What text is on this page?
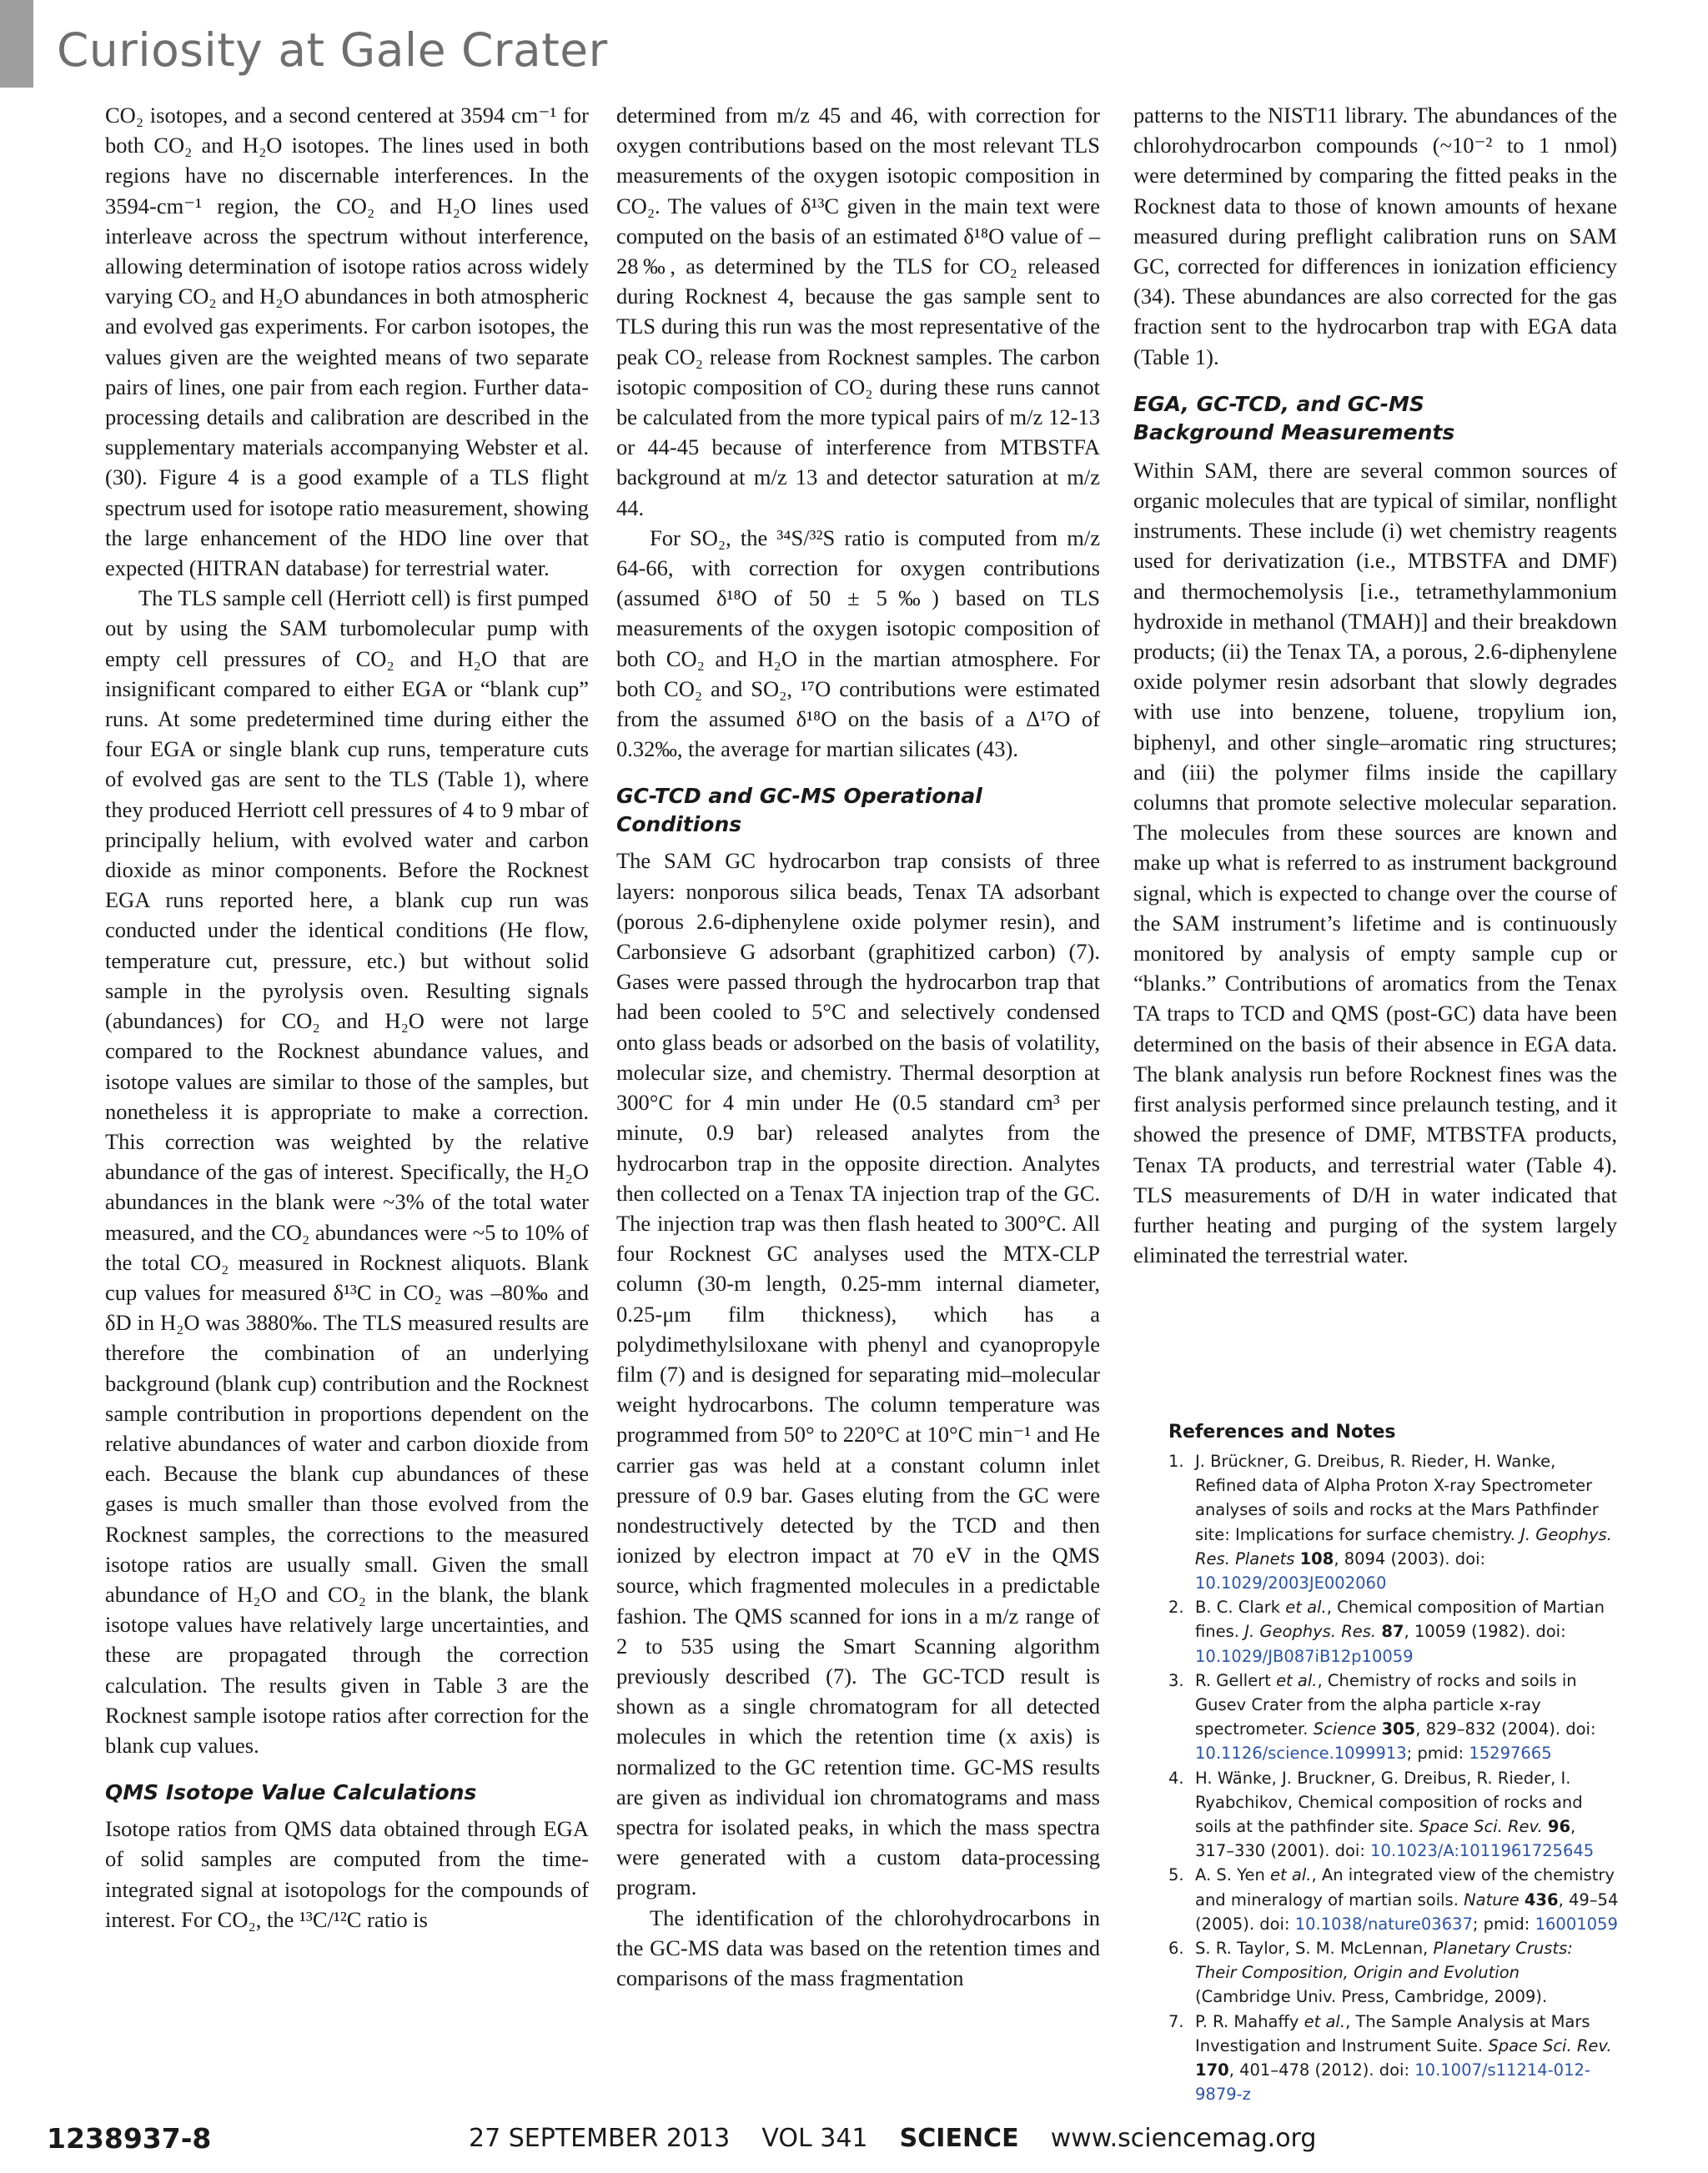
Curiosity at Gale Crater

CO₂ isotopes, and a second centered at 3594 cm⁻¹ for both CO₂ and H₂O isotopes. The lines used in both regions have no discernable interferences. In the 3594-cm⁻¹ region, the CO₂ and H₂O lines used interleave across the spectrum without interference, allowing determination of isotope ratios across widely varying CO₂ and H₂O abundances in both atmospheric and evolved gas experiments. For carbon isotopes, the values given are the weighted means of two separate pairs of lines, one pair from each region. Further data-processing details and calibration are described in the supplementary materials accompanying Webster et al. (30). Figure 4 is a good example of a TLS flight spectrum used for isotope ratio measurement, showing the large enhancement of the HDO line over that expected (HITRAN database) for terrestrial water.

The TLS sample cell (Herriott cell) is first pumped out by using the SAM turbomolecular pump with empty cell pressures of CO₂ and H₂O that are insignificant compared to either EGA or “blank cup” runs. At some predetermined time during either the four EGA or single blank cup runs, temperature cuts of evolved gas are sent to the TLS (Table 1), where they produced Herriott cell pressures of 4 to 9 mbar of principally helium, with evolved water and carbon dioxide as minor components. Before the Rocknest EGA runs reported here, a blank cup run was conducted under the identical conditions (He flow, temperature cut, pressure, etc.) but without solid sample in the pyrolysis oven. Resulting signals (abundances) for CO₂ and H₂O were not large compared to the Rocknest abundance values, and isotope values are similar to those of the samples, but nonetheless it is appropriate to make a correction. This correction was weighted by the relative abundance of the gas of interest. Specifically, the H₂O abundances in the blank were ~3% of the total water measured, and the CO₂ abundances were ~5 to 10% of the total CO₂ measured in Rocknest aliquots. Blank cup values for measured δ¹³C in CO₂ was –80‰ and δD in H₂O was 3880‰. The TLS measured results are therefore the combination of an underlying background (blank cup) contribution and the Rocknest sample contribution in proportions dependent on the relative abundances of water and carbon dioxide from each. Because the blank cup abundances of these gases is much smaller than those evolved from the Rocknest samples, the corrections to the measured isotope ratios are usually small. Given the small abundance of H₂O and CO₂ in the blank, the blank isotope values have relatively large uncertainties, and these are propagated through the correction calculation. The results given in Table 3 are the Rocknest sample isotope ratios after correction for the blank cup values.

QMS Isotope Value Calculations

Isotope ratios from QMS data obtained through EGA of solid samples are computed from the time-integrated signal at isotopologs for the compounds of interest. For CO₂, the ¹³C/¹²C ratio is

determined from m/z 45 and 46, with correction for oxygen contributions based on the most relevant TLS measurements of the oxygen isotopic composition in CO₂. The values of δ¹³C given in the main text were computed on the basis of an estimated δ¹⁸O value of –28‰, as determined by the TLS for CO₂ released during Rocknest 4, because the gas sample sent to TLS during this run was the most representative of the peak CO₂ release from Rocknest samples. The carbon isotopic composition of CO₂ during these runs cannot be calculated from the more typical pairs of m/z 12-13 or 44-45 because of interference from MTBSTFA background at m/z 13 and detector saturation at m/z 44.

For SO₂, the ³⁴S/³²S ratio is computed from m/z 64-66, with correction for oxygen contributions (assumed δ¹⁸O of 50 ± 5‰) based on TLS measurements of the oxygen isotopic composition of both CO₂ and H₂O in the martian atmosphere. For both CO₂ and SO₂, ¹⁷O contributions were estimated from the assumed δ¹⁸O on the basis of a Δ¹⁷O of 0.32‰, the average for martian silicates (43).

GC-TCD and GC-MS Operational Conditions

The SAM GC hydrocarbon trap consists of three layers: nonporous silica beads, Tenax TA adsorbant (porous 2.6-diphenylene oxide polymer resin), and Carbonsieve G adsorbant (graphitized carbon) (7). Gases were passed through the hydrocarbon trap that had been cooled to 5°C and selectively condensed onto glass beads or adsorbed on the basis of volatility, molecular size, and chemistry. Thermal desorption at 300°C for 4 min under He (0.5 standard cm³ per minute, 0.9 bar) released analytes from the hydrocarbon trap in the opposite direction. Analytes then collected on a Tenax TA injection trap of the GC. The injection trap was then flash heated to 300°C. All four Rocknest GC analyses used the MTX-CLP column (30-m length, 0.25-mm internal diameter, 0.25-μm film thickness), which has a polydimethylsiloxane with phenyl and cyanopropyle film (7) and is designed for separating mid–molecular weight hydrocarbons. The column temperature was programmed from 50° to 220°C at 10°C min⁻¹ and He carrier gas was held at a constant column inlet pressure of 0.9 bar. Gases eluting from the GC were nondestructively detected by the TCD and then ionized by electron impact at 70 eV in the QMS source, which fragmented molecules in a predictable fashion. The QMS scanned for ions in a m/z range of 2 to 535 using the Smart Scanning algorithm previously described (7). The GC-TCD result is shown as a single chromatogram for all detected molecules in which the retention time (x axis) is normalized to the GC retention time. GC-MS results are given as individual ion chromatograms and mass spectra for isolated peaks, in which the mass spectra were generated with a custom data-processing program.

The identification of the chlorohydrocarbons in the GC-MS data was based on the retention times and comparisons of the mass fragmentation

patterns to the NIST11 library. The abundances of the chlorohydrocarbon compounds (~10⁻² to 1 nmol) were determined by comparing the fitted peaks in the Rocknest data to those of known amounts of hexane measured during preflight calibration runs on SAM GC, corrected for differences in ionization efficiency (34). These abundances are also corrected for the gas fraction sent to the hydrocarbon trap with EGA data (Table 1).

EGA, GC-TCD, and GC-MS
Background Measurements

Within SAM, there are several common sources of organic molecules that are typical of similar, nonflight instruments. These include (i) wet chemistry reagents used for derivatization (i.e., MTBSTFA and DMF) and thermochemolysis [i.e., tetramethylammonium hydroxide in methanol (TMAH)] and their breakdown products; (ii) the Tenax TA, a porous, 2.6-diphenylene oxide polymer resin adsorbant that slowly degrades with use into benzene, toluene, tropylium ion, biphenyl, and other single–aromatic ring structures; and (iii) the polymer films inside the capillary columns that promote selective molecular separation. The molecules from these sources are known and make up what is referred to as instrument background signal, which is expected to change over the course of the SAM instrument’s lifetime and is continuously monitored by analysis of empty sample cup or “blanks.” Contributions of aromatics from the Tenax TA traps to TCD and QMS (post-GC) data have been determined on the basis of their absence in EGA data. The blank analysis run before Rocknest fines was the first analysis performed since prelaunch testing, and it showed the presence of DMF, MTBSTFA products, Tenax TA products, and terrestrial water (Table 4). TLS measurements of D/H in water indicated that further heating and purging of the system largely eliminated the terrestrial water.

References and Notes
1. J. Brückner, G. Dreibus, R. Rieder, H. Wanke, Refined data of Alpha Proton X-ray Spectrometer analyses of soils and rocks at the Mars Pathfinder site: Implications for surface chemistry. J. Geophys. Res. Planets 108, 8094 (2003). doi: 10.1029/2003JE002060
2. B. C. Clark et al., Chemical composition of Martian fines. J. Geophys. Res. 87, 10059 (1982). doi: 10.1029/JB087iB12p10059
3. R. Gellert et al., Chemistry of rocks and soils in Gusev Crater from the alpha particle x-ray spectrometer. Science 305, 829–832 (2004). doi: 10.1126/science.1099913; pmid: 15297665
4. H. Wänke, J. Bruckner, G. Dreibus, R. Rieder, I. Ryabchikov, Chemical composition of rocks and soils at the pathfinder site. Space Sci. Rev. 96, 317–330 (2001). doi: 10.1023/A:1011961725645
5. A. S. Yen et al., An integrated view of the chemistry and mineralogy of martian soils. Nature 436, 49–54 (2005). doi: 10.1038/nature03637; pmid: 16001059
6. S. R. Taylor, S. M. McLennan, Planetary Crusts: Their Composition, Origin and Evolution (Cambridge Univ. Press, Cambridge, 2009).
7. P. R. Mahaffy et al., The Sample Analysis at Mars Investigation and Instrument Suite. Space Sci. Rev. 170, 401–478 (2012). doi: 10.1007/s11214-012-9879-z
1238937-8	27 SEPTEMBER 2013 VOL 341 SCIENCE www.sciencemag.org
